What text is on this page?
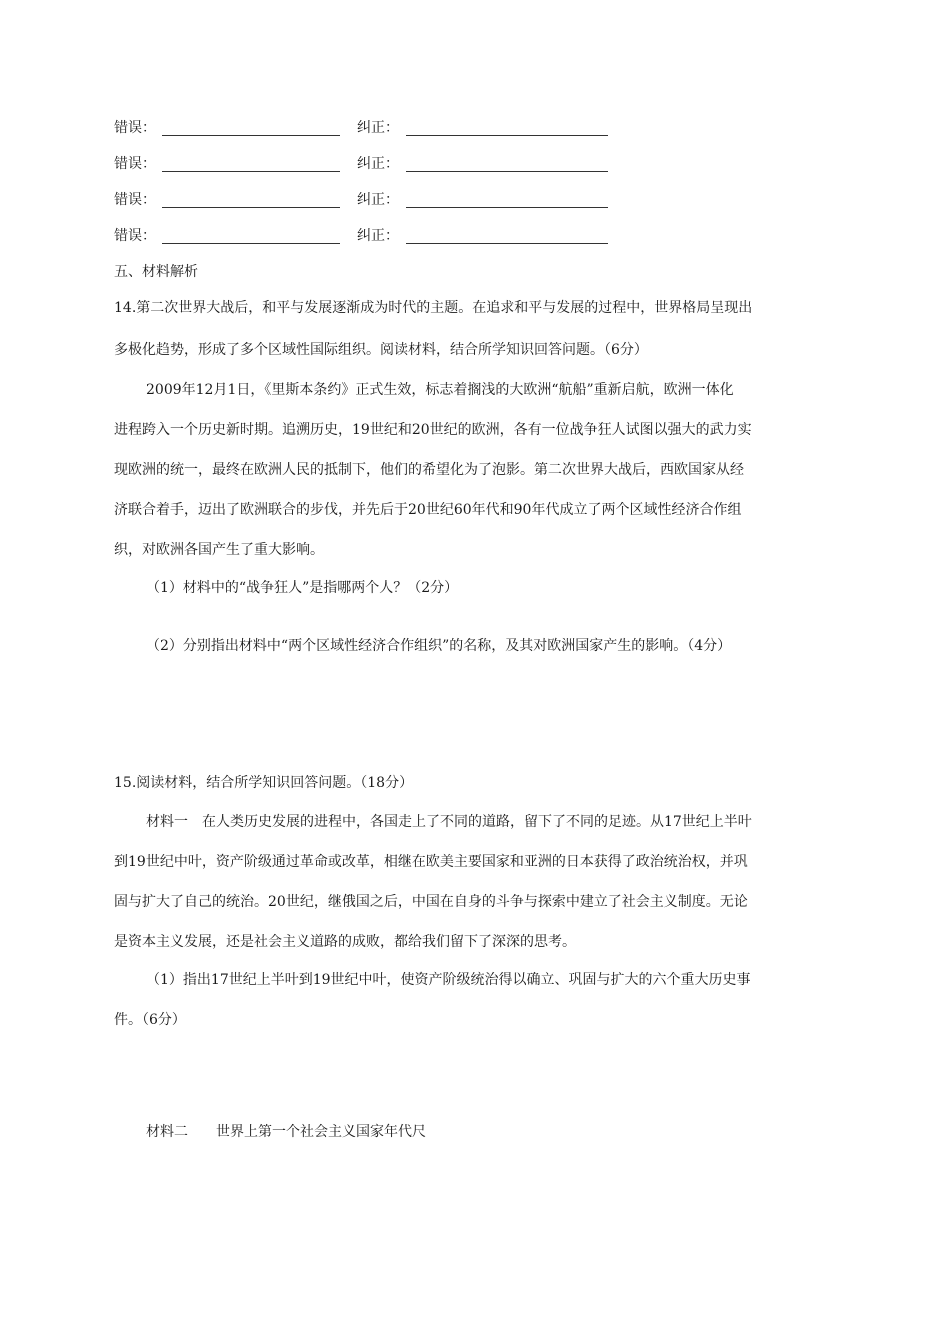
错误：	纠正：
错误：	纠正：
错误：	纠正：
错误：	纠正：
五、材料解析
14.第二次世界大战后，和平与发展逐渐成为时代的主题。在追求和平与发展的过程中，世界格局呈现出
多极化趋势，形成了多个区域性国际组织。阅读材料，结合所学知识回答问题。（6分）
2009年12月1日，《里斯本条约》正式生效，标志着搁浅的大欧洲“航船”重新启航，欧洲一体化
进程跨入一个历史新时期。追溯历史，19世纪和20世纪的欧洲，各有一位战争狂人试图以强大的武力实
现欧洲的统一，最终在欧洲人民的抵制下，他们的希望化为了泡影。第二次世界大战后，西欧国家从经
济联合着手，迈出了欧洲联合的步伐，并先后于20世纪60年代和90年代成立了两个区域性经济合作组
织，对欧洲各国产生了重大影响。
（1）材料中的“战争狂人”是指哪两个人？（2分）
（2）分别指出材料中“两个区域性经济合作组织”的名称，及其对欧洲国家产生的影响。（4分）
15.阅读材料，结合所学知识回答问题。（18分）
材料一　在人类历史发展的进程中，各国走上了不同的道路，留下了不同的足迹。从17世纪上半叶
到19世纪中叶，资产阶级通过革命或改革，相继在欧美主要国家和亚洲的日本获得了政治统治权，并巩
固与扩大了自己的统治。20世纪，继俄国之后，中国在自身的斗争与探索中建立了社会主义制度。无论
是资本主义发展，还是社会主义道路的成败，都给我们留下了深深的思考。
（1）指出17世纪上半叶到19世纪中叶，使资产阶级统治得以确立、巩固与扩大的六个重大历史事
件。（6分）
材料二　　世界上第一个社会主义国家年代尺
